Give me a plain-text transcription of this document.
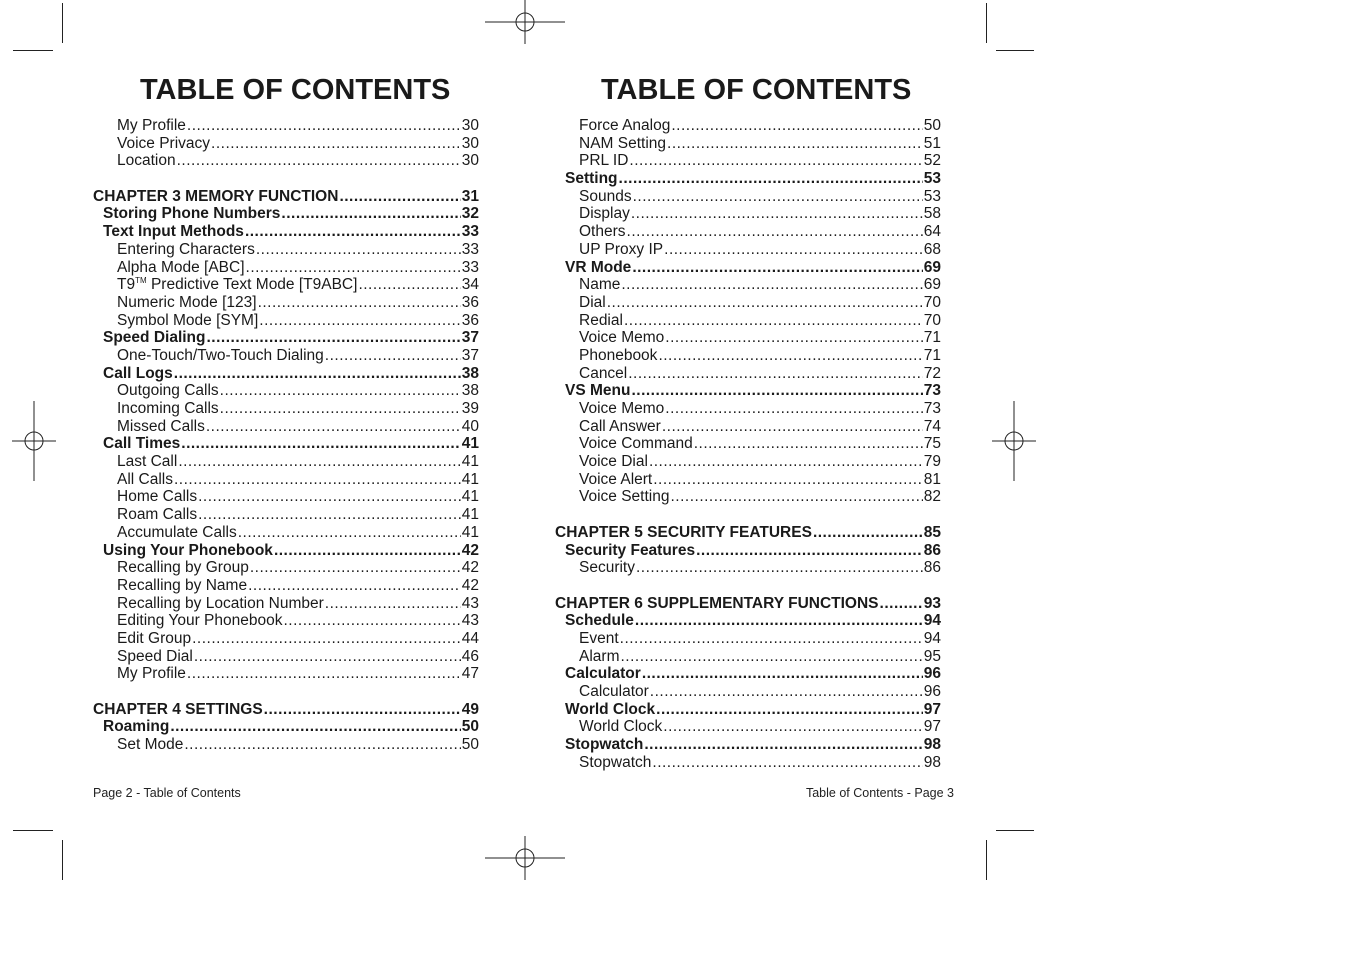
TABLE OF CONTENTS
My Profile .....	30
Voice Privacy .....	30
Location .....	30
CHAPTER 3 MEMORY FUNCTION .....	31
Storing Phone Numbers .....	32
Text Input Methods .....	33
Entering Characters .....	33
Alpha Mode [ABC] .....	33
T9™ Predictive Text Mode [T9ABC] .....	34
Numeric Mode [123] .....	36
Symbol Mode [SYM] .....	36
Speed Dialing .....	37
One-Touch/Two-Touch Dialing .....	37
Call Logs .....	38
Outgoing Calls .....	38
Incoming Calls .....	39
Missed Calls .....	40
Call Times .....	41
Last Call .....	41
All Calls .....	41
Home Calls .....	41
Roam Calls .....	41
Accumulate Calls .....	41
Using Your Phonebook .....	42
Recalling by Group .....	42
Recalling by Name .....	42
Recalling by Location Number .....	43
Editing Your Phonebook .....	43
Edit Group .....	44
Speed Dial .....	46
My Profile .....	47
CHAPTER 4 SETTINGS .....	49
Roaming .....	50
Set Mode .....	50
Page 2 - Table of Contents
TABLE OF CONTENTS
Force Analog .....	50
NAM Setting .....	51
PRL ID .....	52
Setting .....	53
Sounds .....	53
Display .....	58
Others .....	64
UP Proxy IP .....	68
VR Mode .....	69
Name .....	69
Dial .....	70
Redial .....	70
Voice Memo .....	71
Phonebook .....	71
Cancel .....	72
VS Menu .....	73
Voice Memo .....	73
Call Answer .....	74
Voice Command .....	75
Voice Dial .....	79
Voice Alert .....	81
Voice Setting .....	82
CHAPTER 5 SECURITY FEATURES .....	85
Security Features .....	86
Security .....	86
CHAPTER 6 SUPPLEMENTARY FUNCTIONS .....	93
Schedule .....	94
Event .....	94
Alarm .....	95
Calculator .....	96
Calculator .....	96
World Clock .....	97
World Clock .....	97
Stopwatch .....	98
Stopwatch .....	98
Table of Contents - Page 3
